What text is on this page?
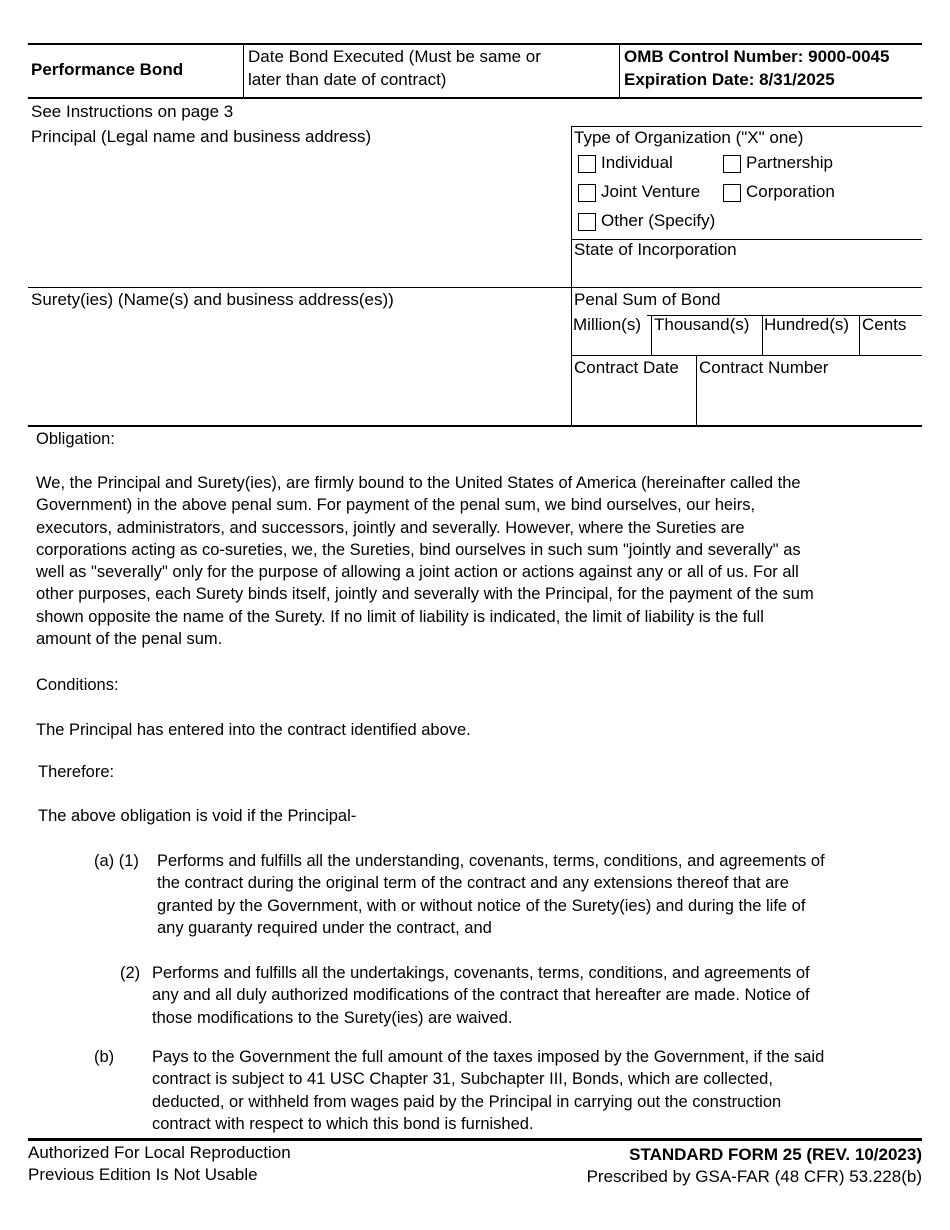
Performance Bond
Date Bond Executed (Must be same or
later than date of contract)
OMB Control Number: 9000-0045
Expiration Date: 8/31/2025
See Instructions on page 3
Principal (Legal name and business address)	Type of Organization ("X" one)
Individual	Partnership
Joint Venture	Corporation
Other (Specify)
State of Incorporation
Surety(ies) (Name(s) and business address(es))	Penal Sum of Bond
Million(s) Thousand(s) Hundred(s) Cents
Contract Date Contract Number
Obligation:
We, the Principal and Surety(ies), are firmly bound to the United States of America (hereinafter called the
Government) in the above penal sum. For payment of the penal sum, we bind ourselves, our heirs,
executors, administrators, and successors, jointly and severally. However, where the Sureties are
corporations acting as co-sureties, we, the Sureties, bind ourselves in such sum "jointly and severally" as
well as "severally" only for the purpose of allowing a joint action or actions against any or all of us. For all
other purposes, each Surety binds itself, jointly and severally with the Principal, for the payment of the sum
shown opposite the name of the Surety. If no limit of liability is indicated, the limit of liability is the full
amount of the penal sum.
Conditions:
The Principal has entered into the contract identified above.
Therefore:
The above obligation is void if the Principal-
(a) (1) Performs and fulfills all the understanding, covenants, terms, conditions, and agreements of
the contract during the original term of the contract and any extensions thereof that are
granted by the Government, with or without notice of the Surety(ies) and during the life of
any guaranty required under the contract, and
(2) Performs and fulfills all the undertakings, covenants, terms, conditions, and agreements of
any and all duly authorized modifications of the contract that hereafter are made. Notice of
those modifications to the Surety(ies) are waived.
(b) Pays to the Government the full amount of the taxes imposed by the Government, if the said
contract is subject to 41 USC Chapter 31, Subchapter III, Bonds, which are collected,
deducted, or withheld from wages paid by the Principal in carrying out the construction
contract with respect to which this bond is furnished.
Authorized For Local Reproduction
Previous Edition Is Not Usable
STANDARD FORM 25 (REV. 10/2023)
Prescribed by GSA-FAR (48 CFR) 53.228(b)
